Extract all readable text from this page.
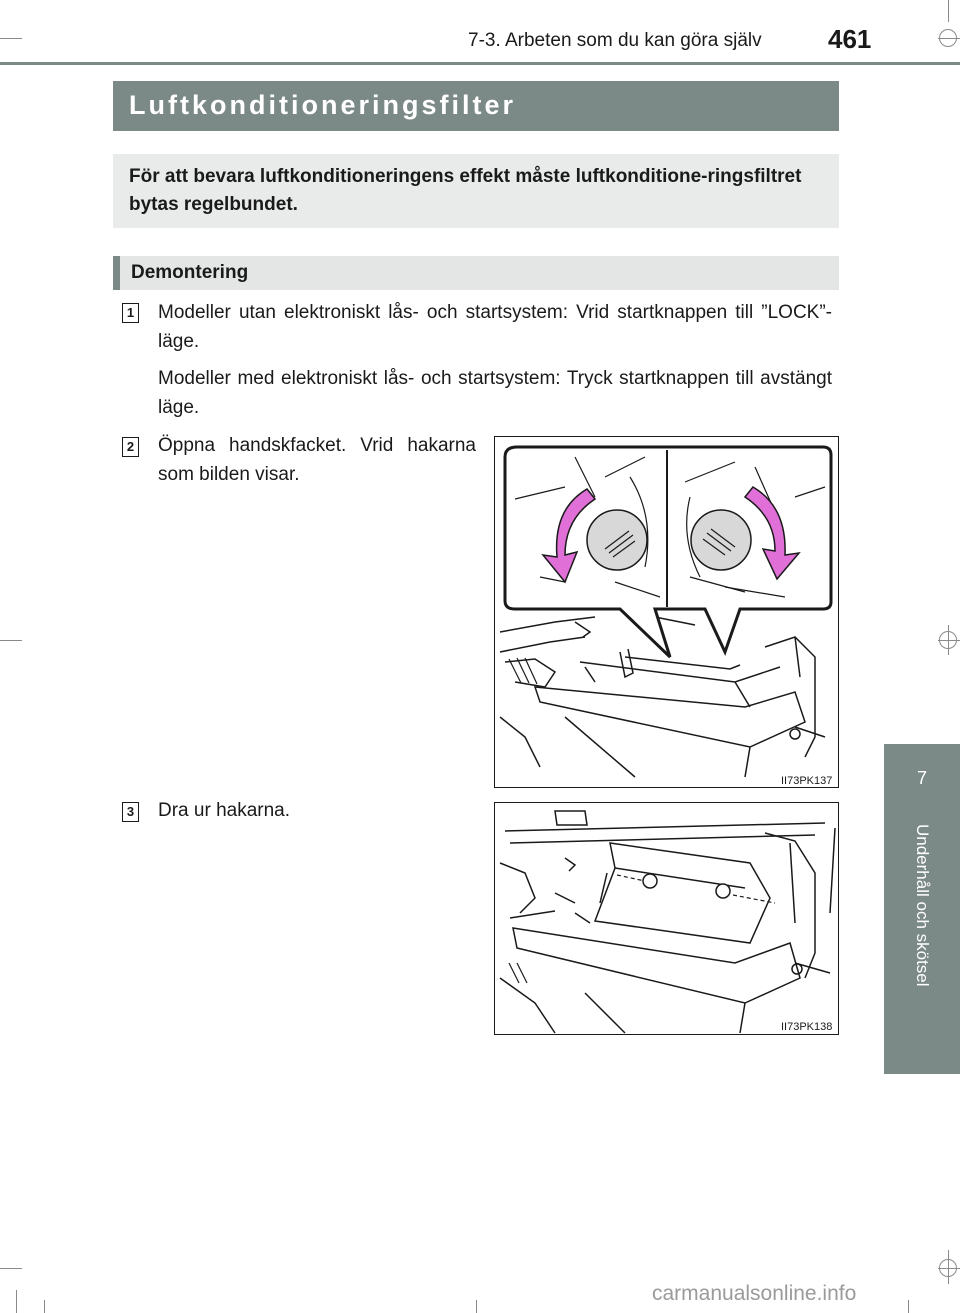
7-3. Arbeten som du kan göra själv	461
7
Underhåll och skötsel
Luftkonditioneringsfilter
För att bevara luftkonditioneringens effekt måste luftkonditione-ringsfiltret bytas regelbundet.
Demontering
1 Modeller utan elektroniskt lås- och startsystem: Vrid startknappen till ”LOCK”-läge.
Modeller med elektroniskt lås- och startsystem: Tryck startknappen till avstängt läge.
2 Öppna handskfacket. Vrid hakarna som bilden visar.
II73PK137
3 Dra ur hakarna.
II73PK138
carmanualsonline.info
